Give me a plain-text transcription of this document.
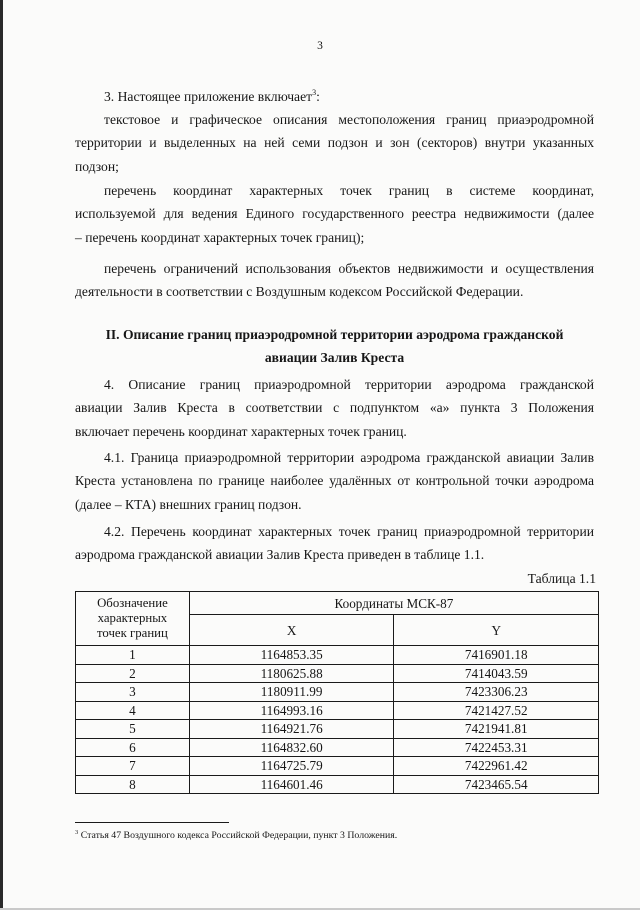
3
3. Настоящее приложение включает$^3$:
текстовое и графическое описания местоположения границ приаэродромной
территории и выделенных на ней семи подзон и зон (секторов) внутри указанных
подзон;
перечень координат характерных точек границ в системе координат,
используемой для ведения Единого государственного реестра недвижимости (далее
– перечень координат характерных точек границ);
перечень ограничений использования объектов недвижимости и осуществления
деятельности в соответствии с Воздушным кодексом Российской Федерации.
II. Описание границ приаэродромной территории аэродрома гражданской
авиации Залив Креста
4. Описание границ приаэродромной территории аэродрома гражданской
авиации Залив Креста в соответствии с подпунктом «а» пункта 3 Положения
включает перечень координат характерных точек границ.
4.1. Граница приаэродромной территории аэродрома гражданской авиации Залив
Креста установлена по границе наиболее удалённых от контрольной точки аэродрома
(далее – КТА) внешних границ подзон.
4.2. Перечень координат характерных точек границ приаэродромной территории
аэродрома гражданской авиации Залив Креста приведен в таблице 1.1.
Таблица 1.1
Обозначение
характерных
точек границ	Координаты МСК-87	
	X	Y
1	1164853.35	7416901.18
2	1180625.88	7414043.59
3	1180911.99	7423306.23
4	1164993.16	7421427.52
5	1164921.76	7421941.81
6	1164832.60	7422453.31
7	1164725.79	7422961.42
8	1164601.46	7423465.54
$^3$ Статья 47 Воздушного кодекса Российской Федерации, пункт 3 Положения.
